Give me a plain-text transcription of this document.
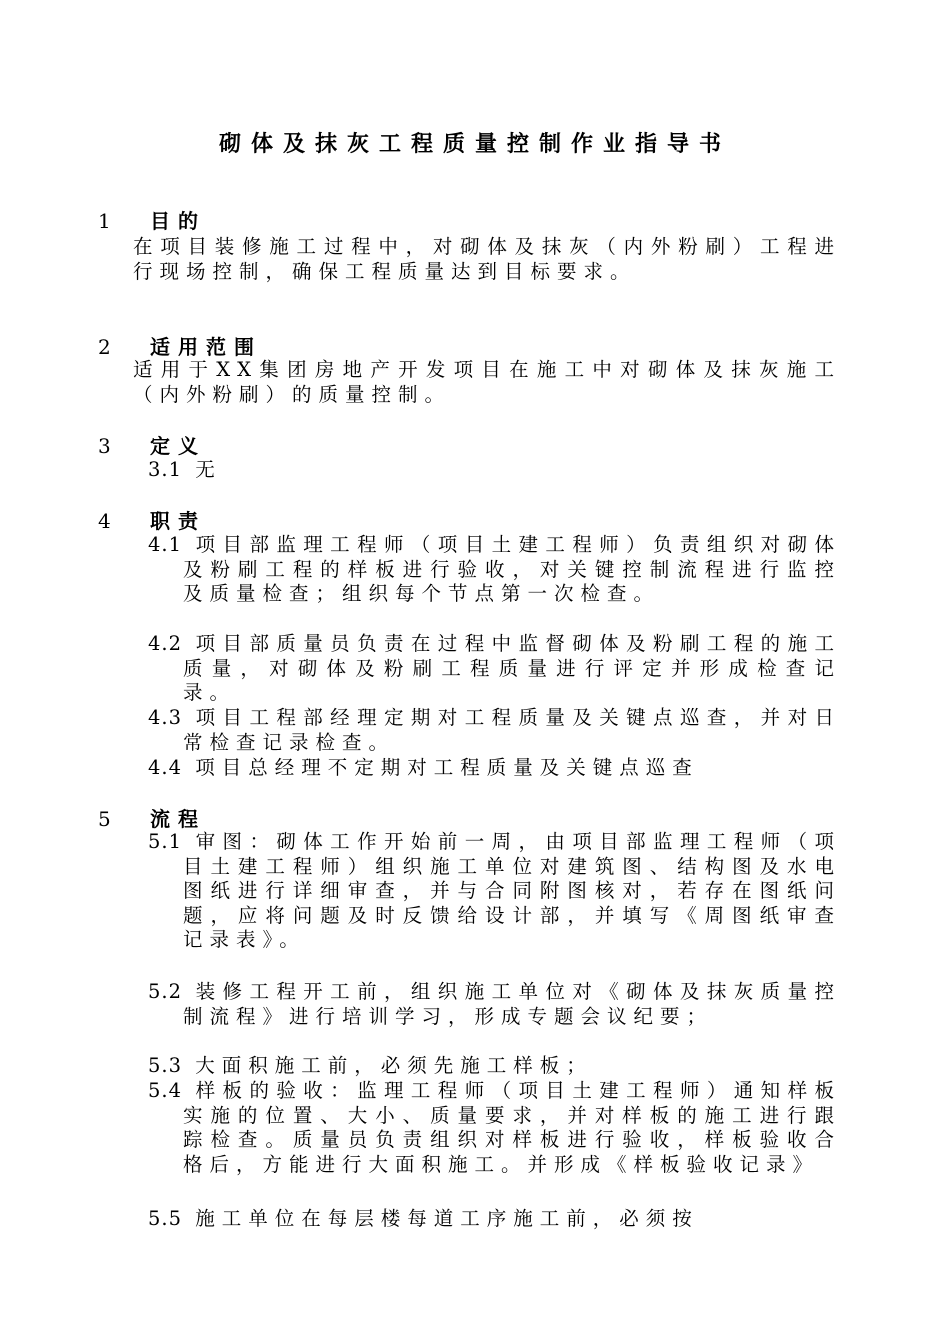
砌体及抹灰工程质量控制作业指导书
1 目的
在项目装修施工过程中，对砌体及抹灰（内外粉刷）工程进行现场控制，确保工程质量达到目标要求。
2 适用范围
适用于XX集团房地产开发项目在施工中对砌体及抹灰施工（内外粉刷）的质量控制。
3 定义
3.1 无
4 职责
4.1 项目部监理工程师（项目土建工程师）负责组织对砌体及粉刷工程的样板进行验收，对关键控制流程进行监控及质量检查；组织每个节点第一次检查。
4.2 项目部质量员负责在过程中监督砌体及粉刷工程的施工质量，对砌体及粉刷工程质量进行评定并形成检查记录。
4.3 项目工程部经理定期对工程质量及关键点巡查，并对日常检查记录检查。
4.4 项目总经理不定期对工程质量及关键点巡查
5 流程
5.1 审图：砌体工作开始前一周，由项目部监理工程师（项目土建工程师）组织施工单位对建筑图、结构图及水电图纸进行详细审查，并与合同附图核对，若存在图纸问题，应将问题及时反馈给设计部，并填写《周图纸审查记录表》。
5.2 装修工程开工前，组织施工单位对《砌体及抹灰质量控制流程》进行培训学习，形成专题会议纪要；
5.3 大面积施工前，必须先施工样板；
5.4 样板的验收：监理工程师（项目土建工程师）通知样板实施的位置、大小、质量要求，并对样板的施工进行跟踪检查。质量员负责组织对样板进行验收，样板验收合格后，方能进行大面积施工。并形成《样板验收记录》
5.5 施工单位在每层楼每道工序施工前，必须按
